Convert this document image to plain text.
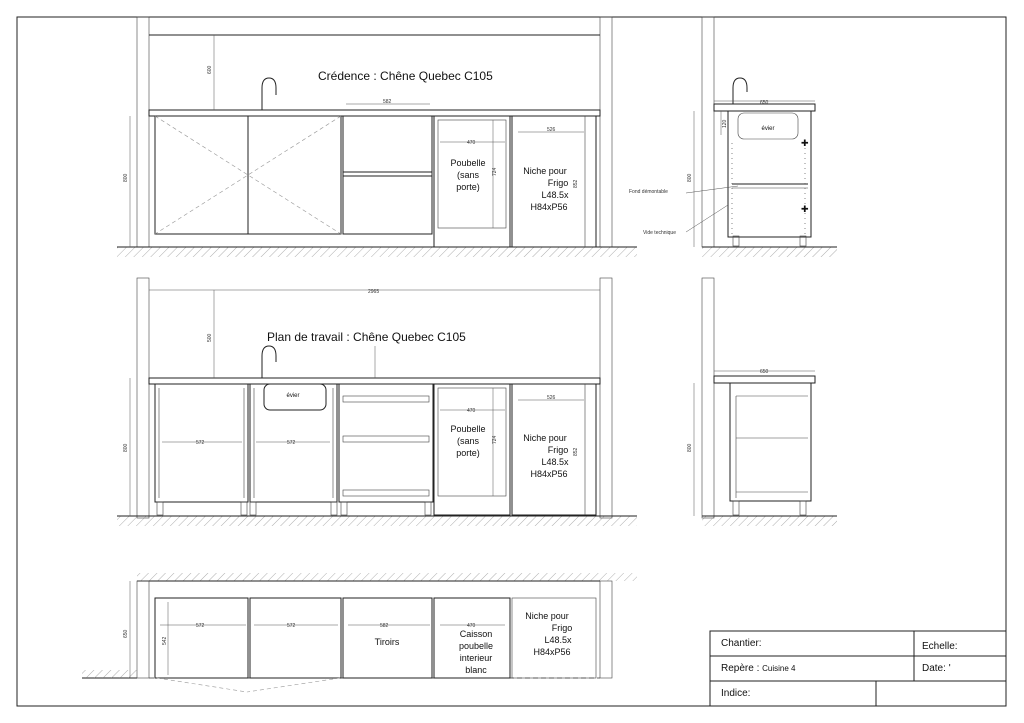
600
800
582
470
724
526
852
Crédence : Chêne Quebec C105
Poubelle
(sans
porte)
Niche pour
Frigo
L48.5x
H84xP56
✚
✚
650
800
120
évier
Fond démontable
Vide technique
2965
évier
500
800
572	572
470
724
526
852
Plan de travail : Chêne Quebec C105
Poubelle
(sans
porte)
Niche pour
Frigo
L48.5x
H84xP56
650
800
572	572	582	470
542
650
Tiroirs
Caisson
poubelle
interieur
blanc
Niche pour
Frigo
L48.5x
H84xP56
Chantier:	Echelle:
Repère : Cuisine 4	Date: '
Indice:
